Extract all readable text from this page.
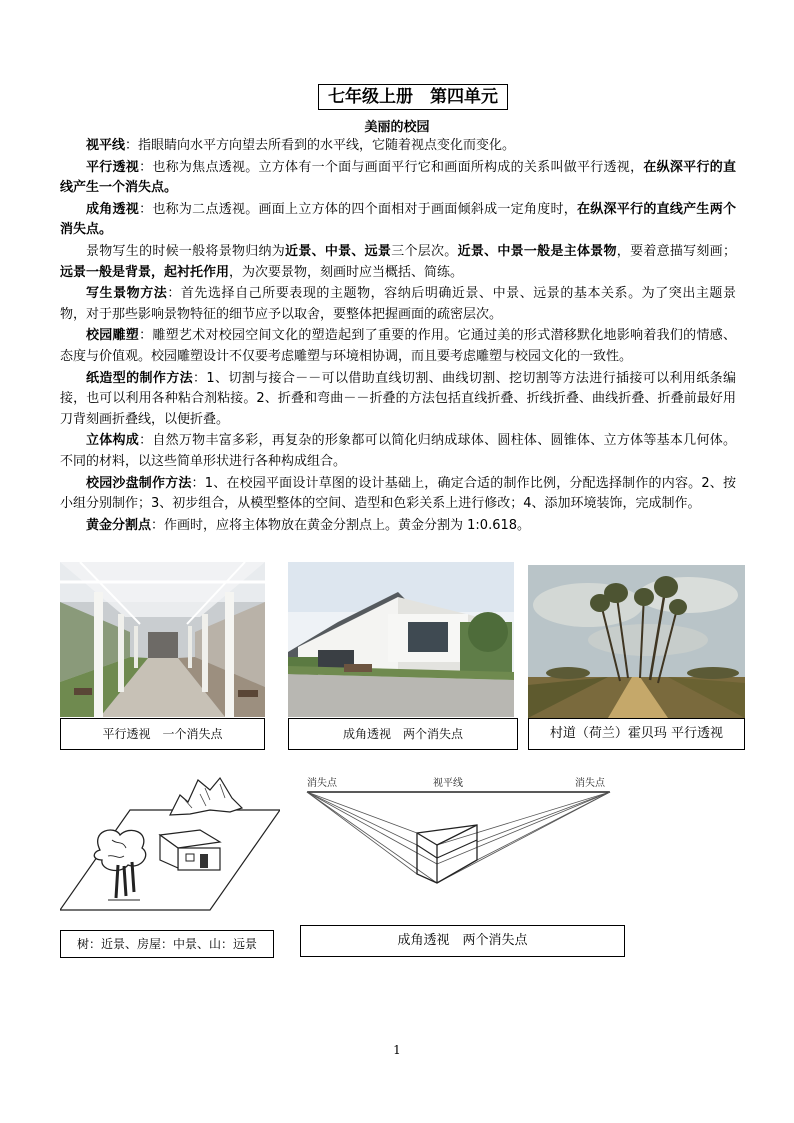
七年级上册　第四单元
美丽的校园

视平线：指眼睛向水平方向望去所看到的水平线，它随着视点变化而变化。

平行透视：也称为焦点透视。立方体有一个面与画面平行它和画面所构成的关系叫做平行透视，在纵深平行的直线产生一个消失点。

成角透视：也称为二点透视。画面上立方体的四个面相对于画面倾斜成一定角度时，在纵深平行的直线产生两个消失点。

景物写生的时候一般将景物归纳为近景、中景、远景三个层次。近景、中景一般是主体景物，要着意描写刻画；远景一般是背景，起衬托作用，为次要景物，刻画时应当概括、简练。

写生景物方法：首先选择自己所要表现的主题物，容纳后明确近景、中景、远景的基本关系。为了突出主题景物，对于那些影响景物特征的细节应予以取舍，要整体把握画面的疏密层次。

校园雕塑：雕塑艺术对校园空间文化的塑造起到了重要的作用。它通过美的形式潜移默化地影响着我们的情感、态度与价值观。校园雕塑设计不仅要考虑雕塑与环境相协调，而且要考虑雕塑与校园文化的一致性。

纸造型的制作方法：1、切割与接合－－可以借助直线切割、曲线切割、挖切割等方法进行插接可以利用纸条编接，也可以利用各种粘合剂粘接。2、折叠和弯曲－－折叠的方法包括直线折叠、折线折叠、曲线折叠、折叠前最好用刀背刻画折叠线，以便折叠。

立体构成：自然万物丰富多彩，再复杂的形象都可以简化归纳成球体、圆柱体、圆锥体、立方体等基本几何体。不同的材料，以这些简单形状进行各种构成组合。

校园沙盘制作方法：1、在校园平面设计草图的设计基础上，确定合适的制作比例，分配选择制作的内容。2、按小组分别制作；3、初步组合，从模型整体的空间、造型和色彩关系上进行修改；4、添加环境装饰，完成制作。

黄金分割点：作画时，应将主体物放在黄金分割点上。黄金分割为 1:0.618。

平行透视　一个消失点	成角透视　两个消失点	村道（荷兰）霍贝玛 平行透视
树：近景、房屋：中景、山：远景
消失点	视平线	消失点
成角透视　两个消失点
1
